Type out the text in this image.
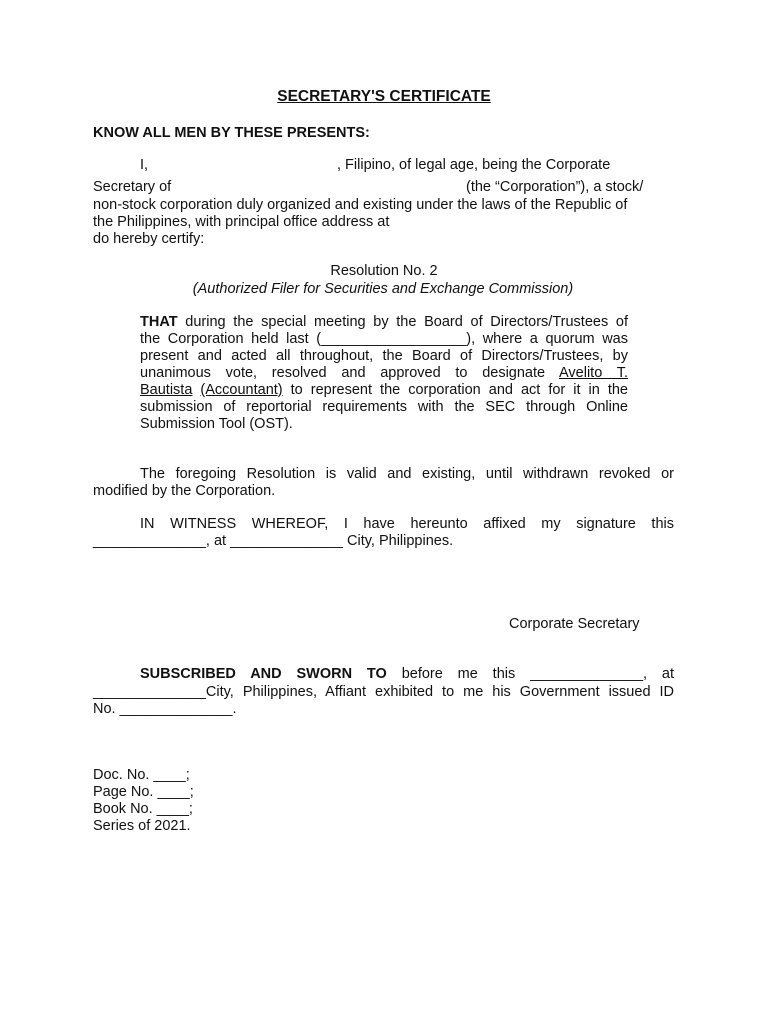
SECRETARY'S CERTIFICATE
KNOW ALL MEN BY THESE PRESENTS:
I,	, Filipino, of legal age, being the Corporate
Secretary of	(the “Corporation”), a stock/
non-stock corporation duly organized and existing under the laws of the Republic of
the Philippines, with principal office address at
do hereby certify:
Resolution No. 2
(Authorized Filer for Securities and Exchange Commission)
THAT during the special meeting by the Board of Directors/Trustees of
the Corporation held last (__________________), where a quorum was
present and acted all throughout, the Board of Directors/Trustees, by
unanimous vote, resolved and approved to designate Avelito T.
Bautista (Accountant) to represent the corporation and act for it in the
submission of reportorial requirements with the SEC through Online
Submission Tool (OST).
The foregoing Resolution is valid and existing, until withdrawn revoked or
modified by the Corporation.
IN WITNESS WHEREOF, I have hereunto affixed my signature this
______________, at ______________ City, Philippines.
Corporate Secretary
SUBSCRIBED AND SWORN TO before me this ______________, at
______________City, Philippines, Affiant exhibited to me his Government issued ID
No. ______________.
Doc. No. ____;
Page No. ____;
Book No. ____;
Series of 2021.
